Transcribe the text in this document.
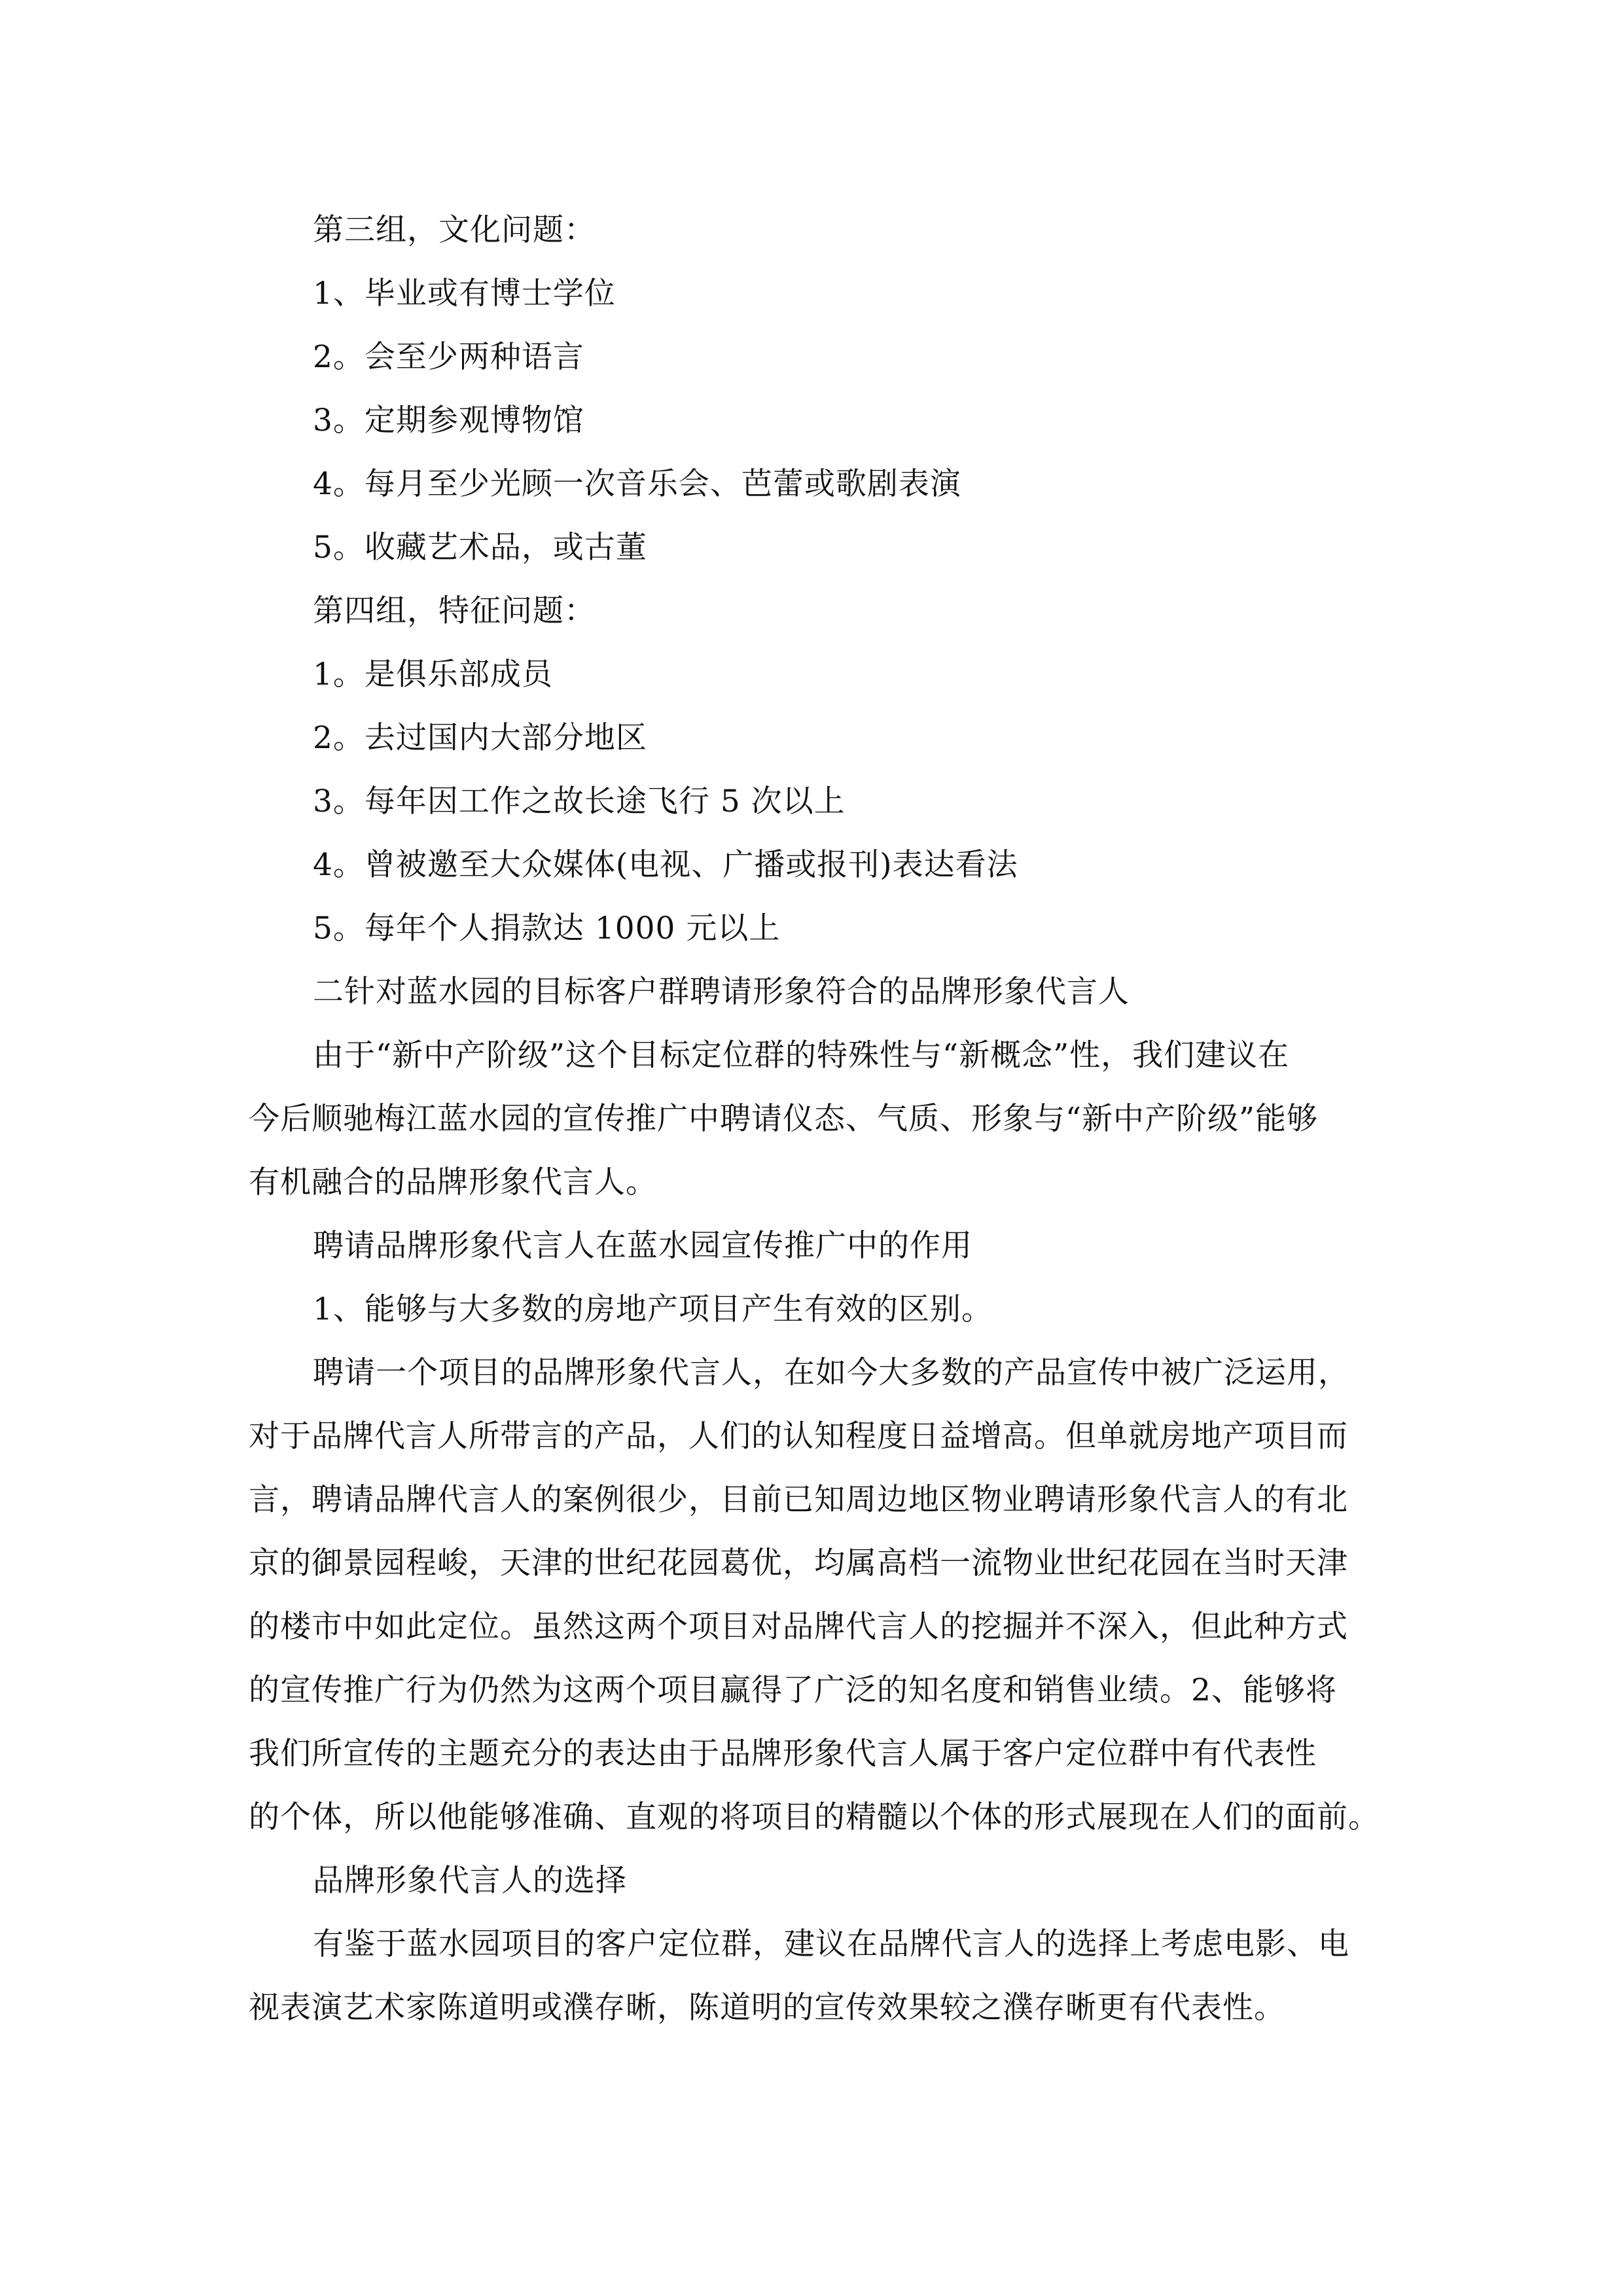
第三组，文化问题：

1、毕业或有博士学位

2。会至少两种语言

3。定期参观博物馆

4。每月至少光顾一次音乐会、芭蕾或歌剧表演

5。收藏艺术品，或古董

第四组，特征问题：

1。是俱乐部成员

2。去过国内大部分地区

3。每年因工作之故长途飞行 5 次以上

4。曾被邀至大众媒体(电视、广播或报刊)表达看法

5。每年个人捐款达 1000 元以上

二针对蓝水园的目标客户群聘请形象符合的品牌形象代言人

由于“新中产阶级”这个目标定位群的特殊性与“新概念”性，我们建议在

今后顺驰梅江蓝水园的宣传推广中聘请仪态、气质、形象与“新中产阶级”能够

有机融合的品牌形象代言人。

聘请品牌形象代言人在蓝水园宣传推广中的作用

1、能够与大多数的房地产项目产生有效的区别。

聘请一个项目的品牌形象代言人，在如今大多数的产品宣传中被广泛运用，

对于品牌代言人所带言的产品，人们的认知程度日益增高。但单就房地产项目而

言，聘请品牌代言人的案例很少，目前已知周边地区物业聘请形象代言人的有北

京的御景园程峻，天津的世纪花园葛优，均属高档一流物业世纪花园在当时天津

的楼市中如此定位。虽然这两个项目对品牌代言人的挖掘并不深入，但此种方式

的宣传推广行为仍然为这两个项目赢得了广泛的知名度和销售业绩。2、能够将

我们所宣传的主题充分的表达由于品牌形象代言人属于客户定位群中有代表性

的个体，所以他能够准确、直观的将项目的精髓以个体的形式展现在人们的面前。

品牌形象代言人的选择

有鉴于蓝水园项目的客户定位群，建议在品牌代言人的选择上考虑电影、电

视表演艺术家陈道明或濮存晰，陈道明的宣传效果较之濮存晰更有代表性。
